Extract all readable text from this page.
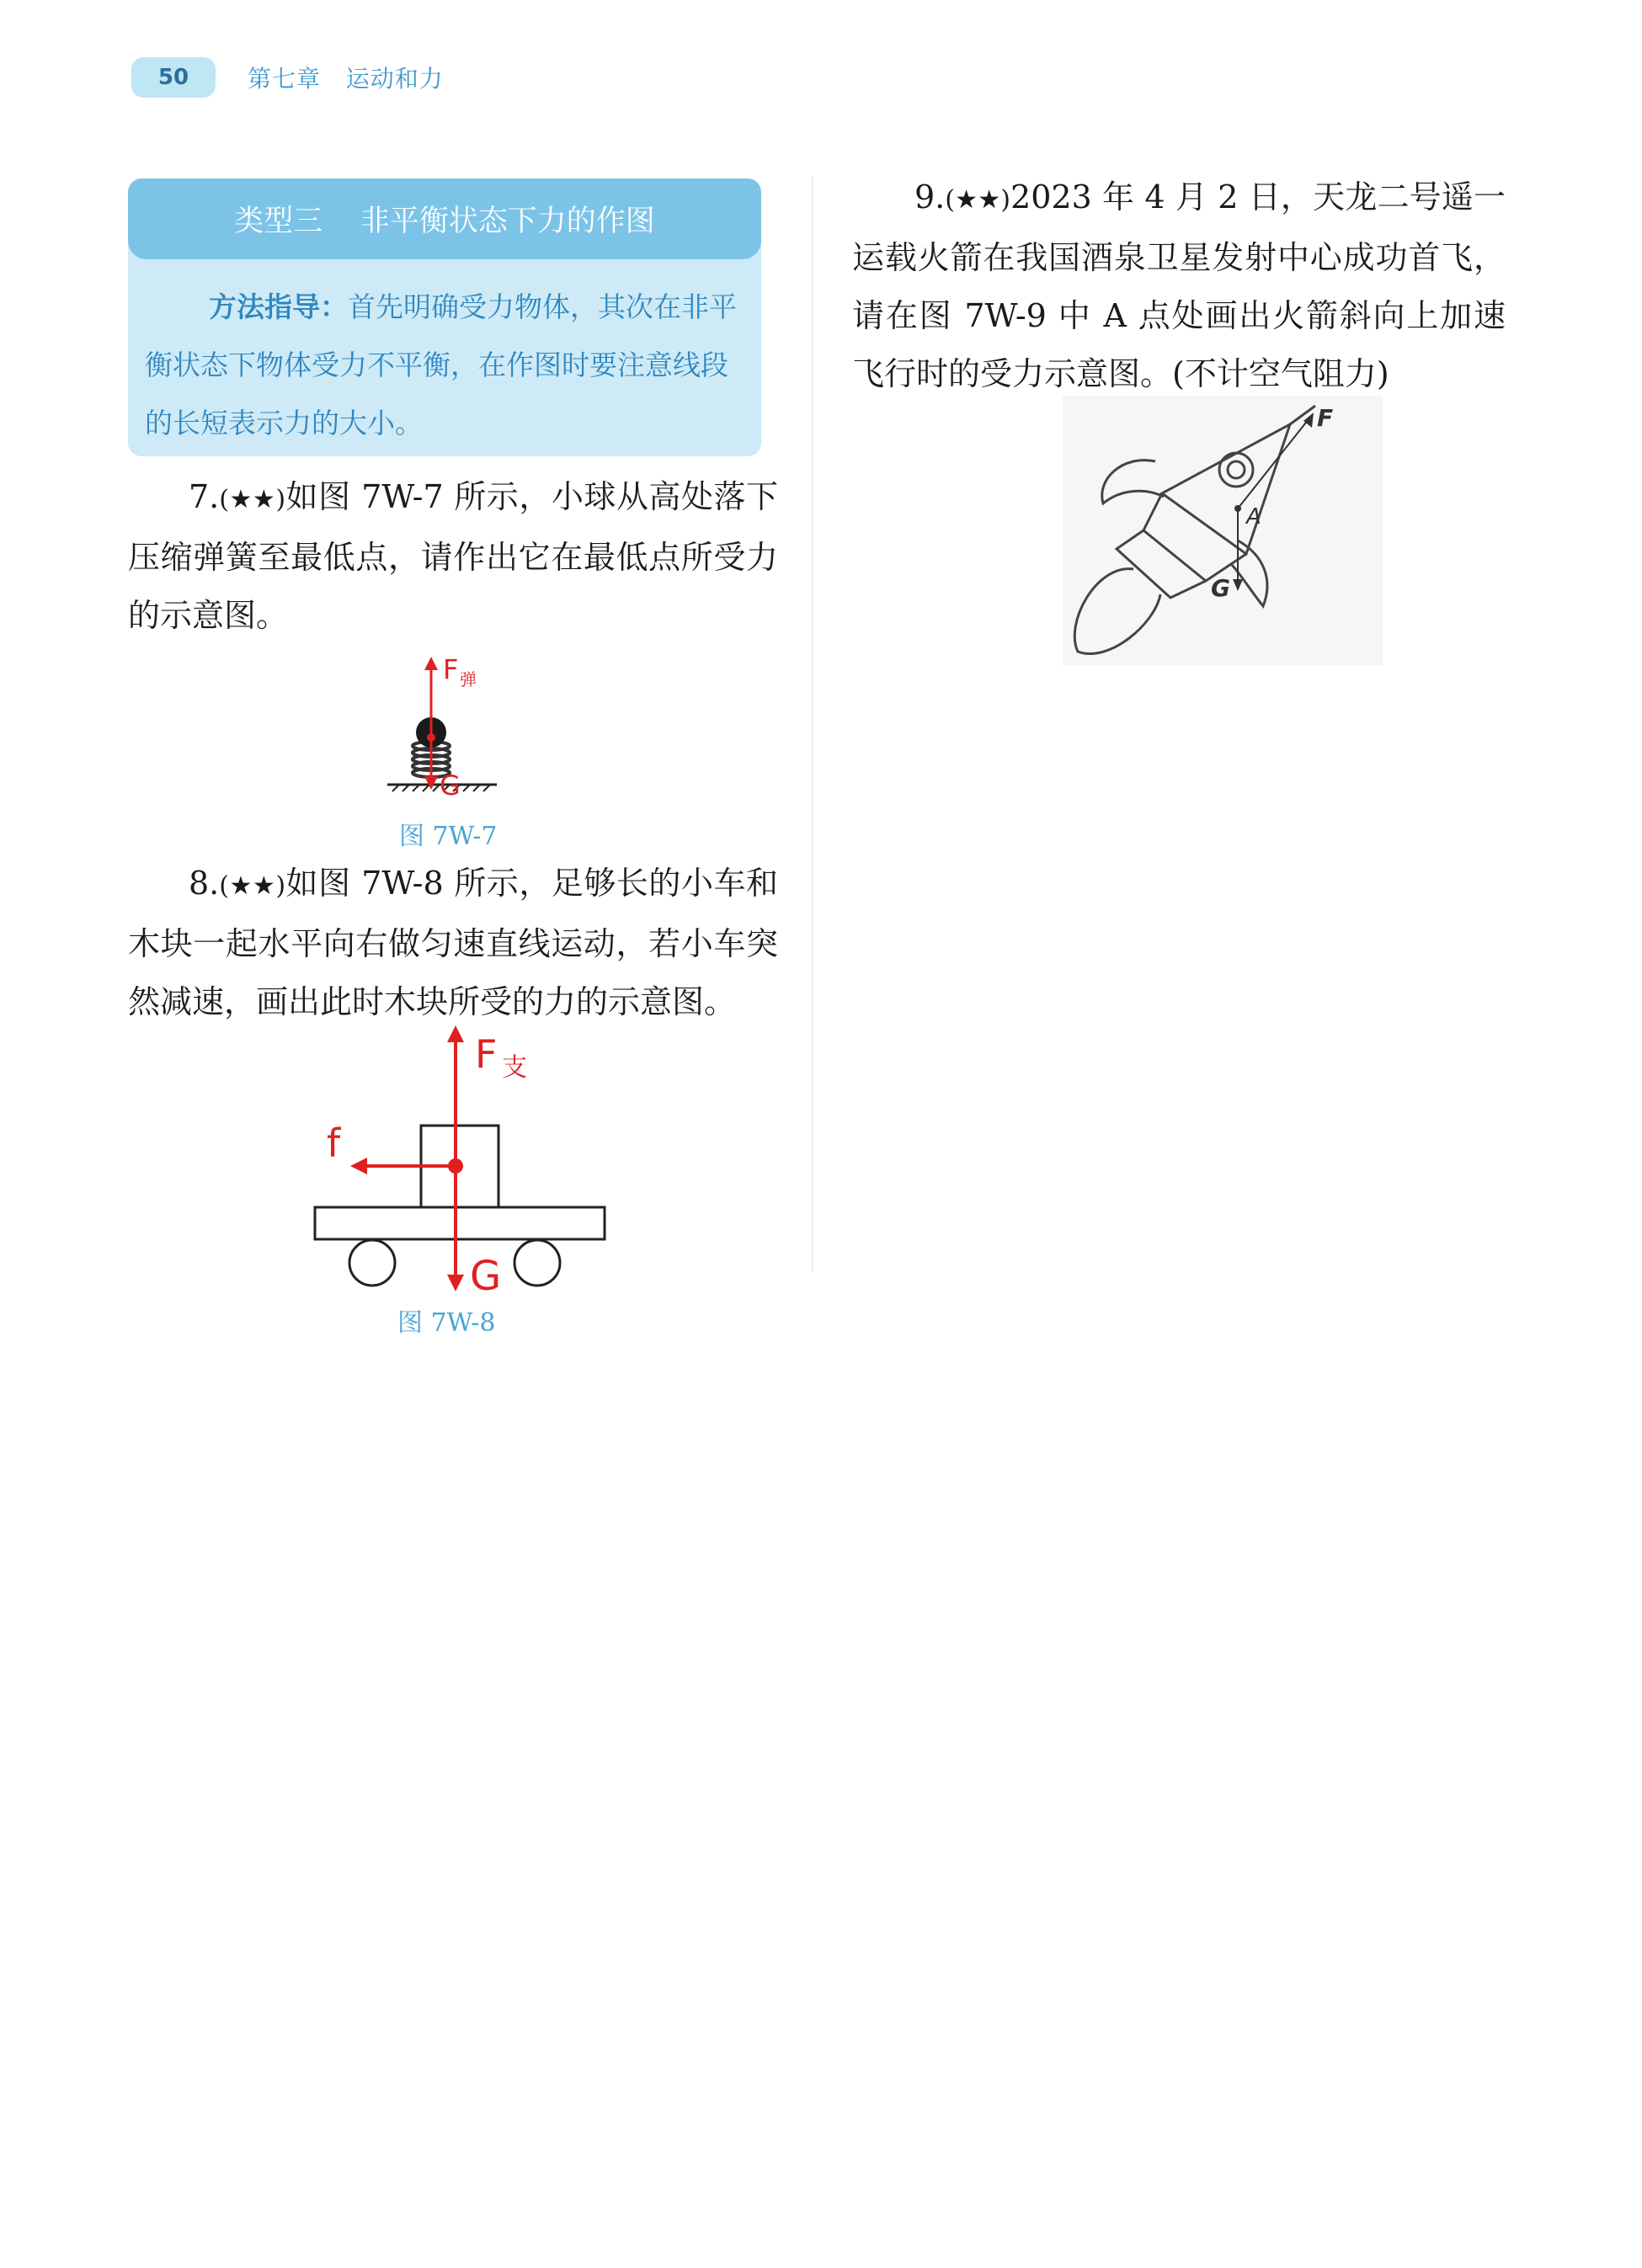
50 第七章   运动和力
类型三    非平衡状态下力的作图
方法指导：首先明确受力物体，其次在非平衡状态下物体受力不平衡，在作图时要注意线段的长短表示力的大小。
7.(★★)如图 7W-7 所示，小球从高处落下压缩弹簧至最低点，请作出它在最低点所受力的示意图。
F 弹
G
图 7W-7
8.(★★)如图 7W-8 所示，足够长的小车和木块一起水平向右做匀速直线运动，若小车突然减速，画出此时木块所受的力的示意图。
F 支
G
f
图 7W-8
9.(★★)2023 年 4 月 2 日，天龙二号遥一运载火箭在我国酒泉卫星发射中心成功首飞，请在图 7W-9 中 A 点处画出火箭斜向上加速飞行时的受力示意图。(不计空气阻力)
F
G
A
